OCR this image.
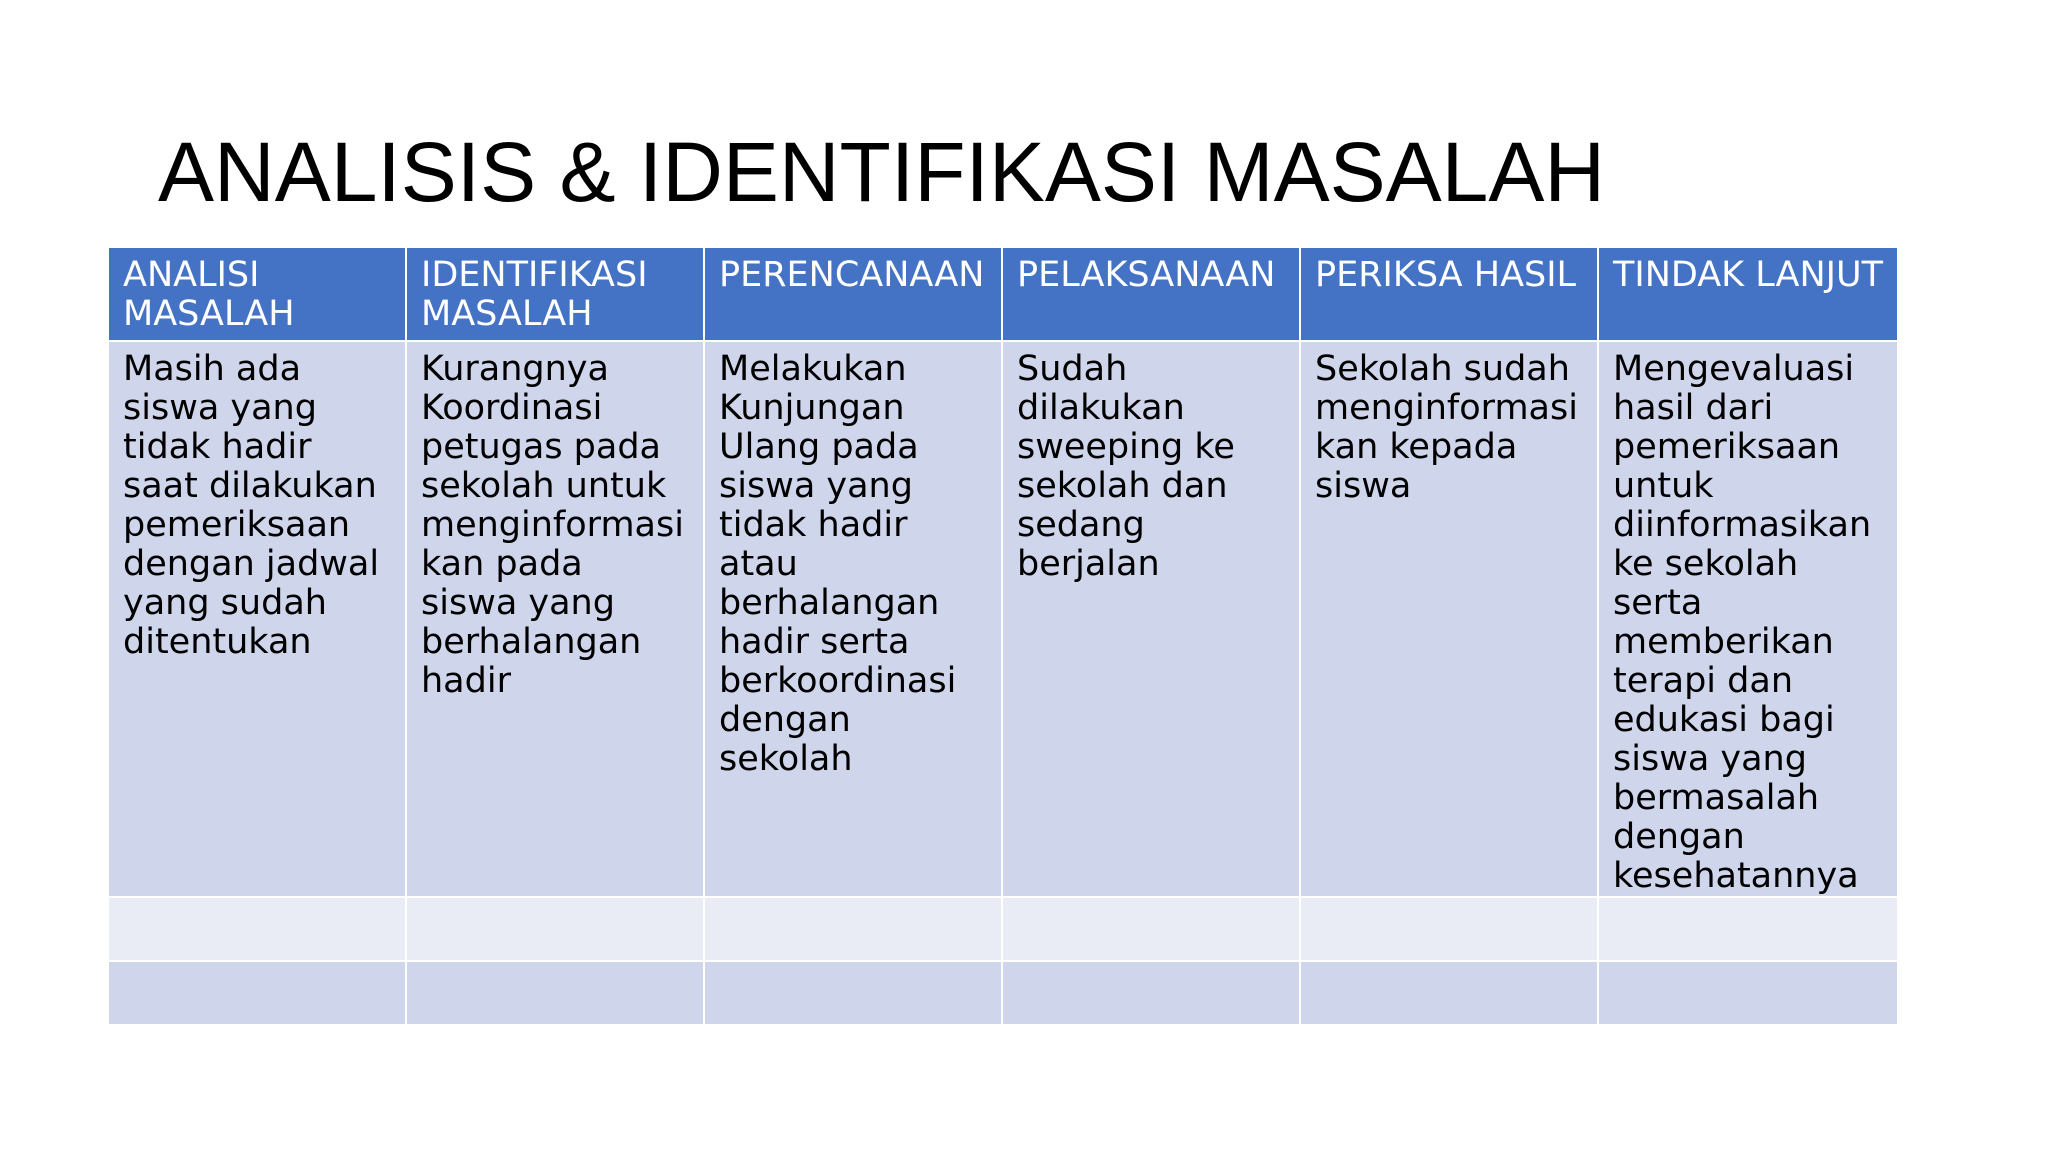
ANALISIS & IDENTIFIKASI MASALAH
ANALISI MASALAH	IDENTIFIKASI MASALAH	PERENCANAAN	PELAKSANAAN	PERIKSA HASIL	TINDAK LANJUT
Masih ada siswa yang tidak hadir saat dilakukan pemeriksaan dengan jadwal yang sudah ditentukan	Kurangnya Koordinasi petugas pada sekolah untuk menginformasikan pada siswa yang berhalangan hadir	Melakukan Kunjungan Ulang pada siswa yang tidak hadir atau berhalangan hadir serta berkoordinasi dengan sekolah	Sudah dilakukan sweeping ke sekolah dan sedang berjalan	Sekolah sudah menginformasikan kepada siswa	Mengevaluasi hasil dari pemeriksaan untuk diinformasikan ke sekolah serta memberikan terapi dan edukasi bagi siswa yang bermasalah dengan kesehatannya
